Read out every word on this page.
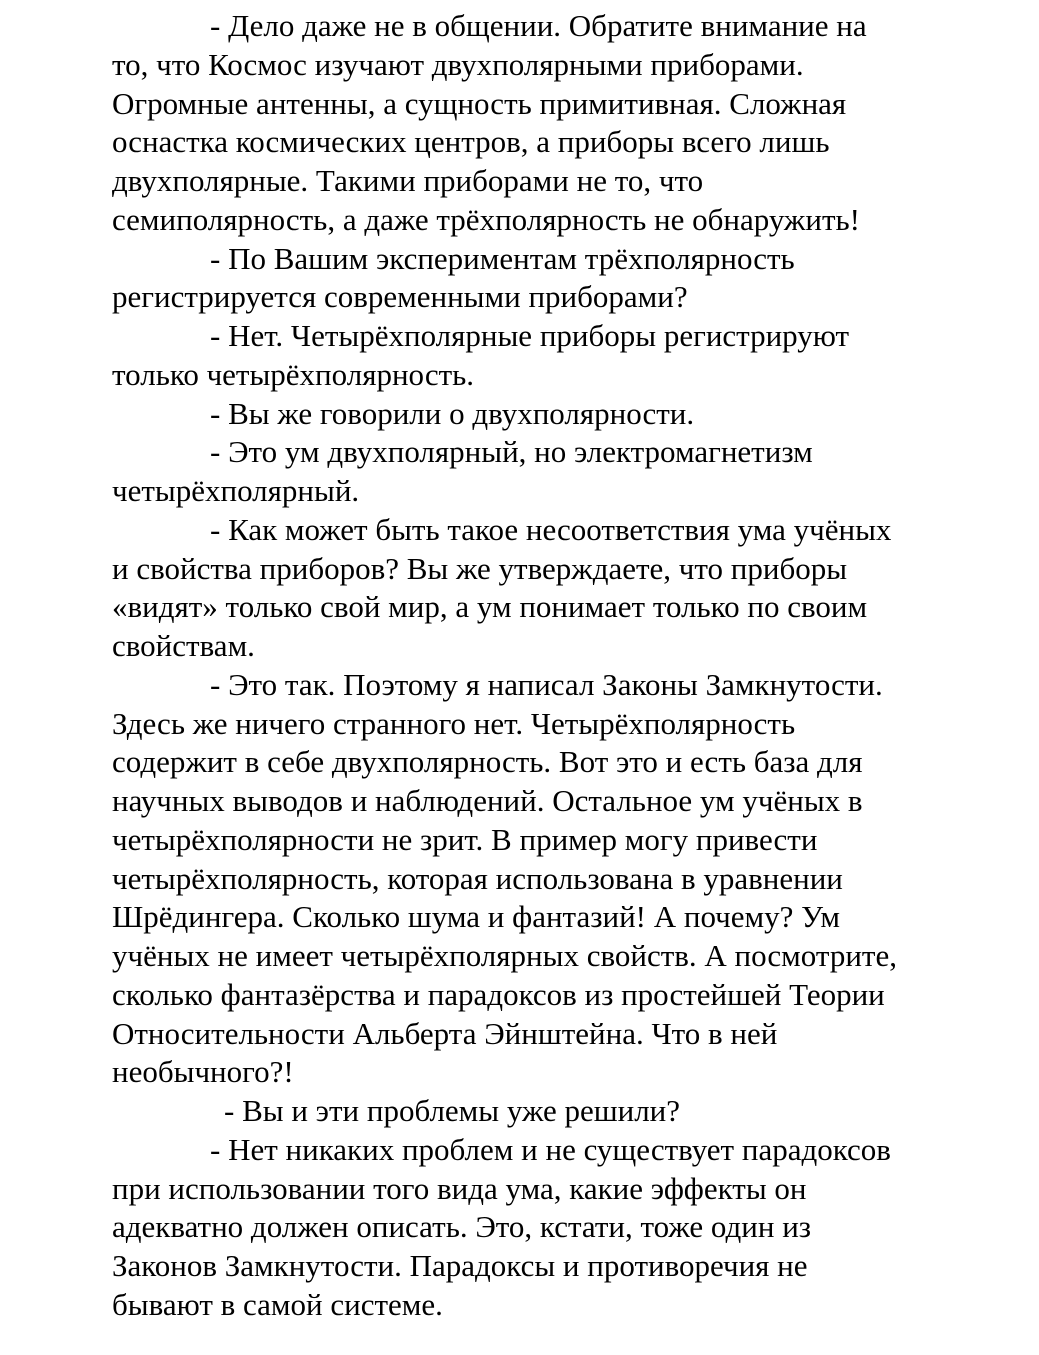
- Дело даже не в общении. Обратите внимание на
то, что Космос изучают двухполярными приборами.
Огромные антенны, а сущность примитивная. Сложная
оснастка космических центров, а приборы всего лишь
двухполярные. Такими приборами не то, что
семиполярность, а даже трёхполярность не обнаружить!
- По Вашим экспериментам трёхполярность
регистрируется современными приборами?
- Нет. Четырёхполярные приборы регистрируют
только четырёхполярность.
- Вы же говорили о двухполярности.
- Это ум двухполярный, но электромагнетизм
четырёхполярный.
- Как может быть такое несоответствия ума учёных
и свойства приборов? Вы же утверждаете, что приборы
«видят» только свой мир, а ум понимает только по своим
свойствам.
- Это так. Поэтому я написал Законы Замкнутости.
Здесь же ничего странного нет. Четырёхполярность
содержит в себе двухполярность. Вот это и есть база для
научных выводов и наблюдений. Остальное ум учёных в
четырёхполярности не зрит. В пример могу привести
четырёхполярность, которая использована в уравнении
Шрёдингера. Сколько шума и фантазий! А почему? Ум
учёных не имеет четырёхполярных свойств. А посмотрите,
сколько фантазёрства и парадоксов из простейшей Теории
Относительности Альберта Эйнштейна. Что в ней
необычного?!
- Вы и эти проблемы уже решили?
- Нет никаких проблем и не существует парадоксов
при использовании того вида ума, какие эффекты он
адекватно должен описать. Это, кстати, тоже один из
Законов Замкнутости. Парадоксы и противоречия не
бывают в самой системе.
